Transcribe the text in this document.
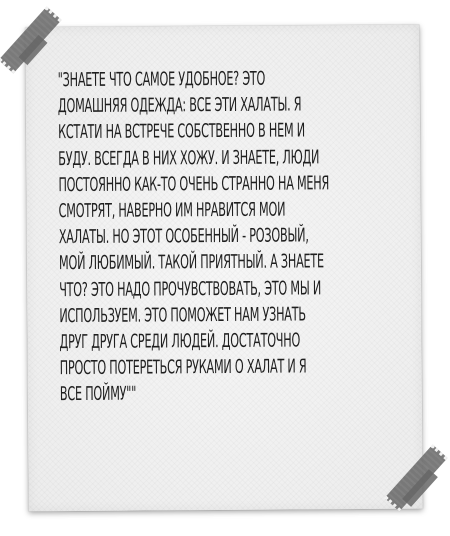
"ЗНАЕТЕ ЧТО САМОЕ УДОБНОЕ? ЭТО
ДОМАШНЯЯ ОДЕЖДА: ВСЕ ЭТИ ХАЛАТЫ. Я
КСТАТИ НА ВСТРЕЧЕ СОБСТВЕННО В НЕМ И
БУДУ. ВСЕГДА В НИХ ХОЖУ. И ЗНАЕТЕ, ЛЮДИ
ПОСТОЯННО КАК-ТО ОЧЕНЬ СТРАННО НА МЕНЯ
СМОТРЯТ, НАВЕРНО ИМ НРАВИТСЯ МОИ
ХАЛАТЫ. НО ЭТОТ ОСОБЕННЫЙ - РОЗОВЫЙ,
МОЙ ЛЮБИМЫЙ. ТАКОЙ ПРИЯТНЫЙ. А ЗНАЕТЕ
ЧТО? ЭТО НАДО ПРОЧУВСТВОВАТЬ, ЭТО МЫ И
ИСПОЛЬЗУЕМ. ЭТО ПОМОЖЕТ НАМ УЗНАТЬ
ДРУГ ДРУГА СРЕДИ ЛЮДЕЙ. ДОСТАТОЧНО
ПРОСТО ПОТЕРЕТЬСЯ РУКАМИ О ХАЛАТ И Я
ВСЕ ПОЙМУ""
